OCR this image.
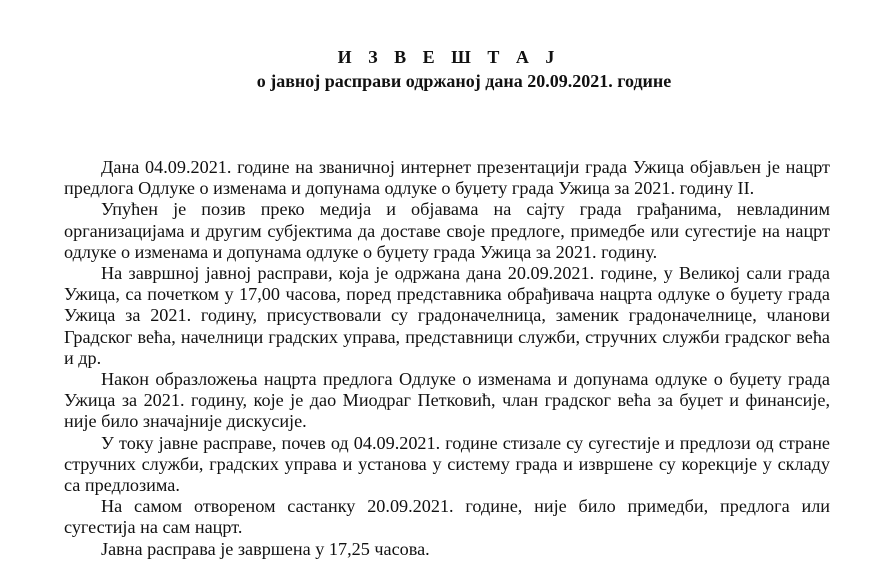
И З В Е Ш Т А Ј
о јавној расправи одржаној дана 20.09.2021. године

Дана 04.09.2021. године на званичној интернет презентацији града Ужица објављен је нацрт предлога Одлуке о изменама и допунама одлуке о буџету града Ужица за 2021. годину II.

Упућен је позив преко медија и објавама на сајту града грађанима, невладиним организацијама и другим субјектима да доставе своје предлоге, примедбе или сугестије на нацрт одлуке о изменама и допунама одлуке о буџету града Ужица за 2021. годину.

На завршној јавној расправи, која је одржана дана 20.09.2021. године, у Великој сали града Ужица, са почетком у 17,00 часова, поред представника обрађивача нацрта одлуке о буџету града Ужица за 2021. годину, присуствовали су градоначелница, заменик градоначелнице, чланови Градског већа, начелници градских управа, представници служби, стручних служби градског већа и др.

Након образложења нацрта предлога Одлуке о изменама и допунама одлуке о буџету града Ужица за 2021. годину, које је дао Миодраг Петковић, члан градског већа за буџет и финансије, није било значајније дискусије.

У току јавне расправе, почев од 04.09.2021. године стизале су сугестије и предлози од стране стручних служби, градских управа и установа у систему града и извршене су корекције у складу са предлозима.

На самом отвореном састанку 20.09.2021. године, није било примедби, предлога или сугестија на сам нацрт.

Јавна расправа је завршена у 17,25 часова.
